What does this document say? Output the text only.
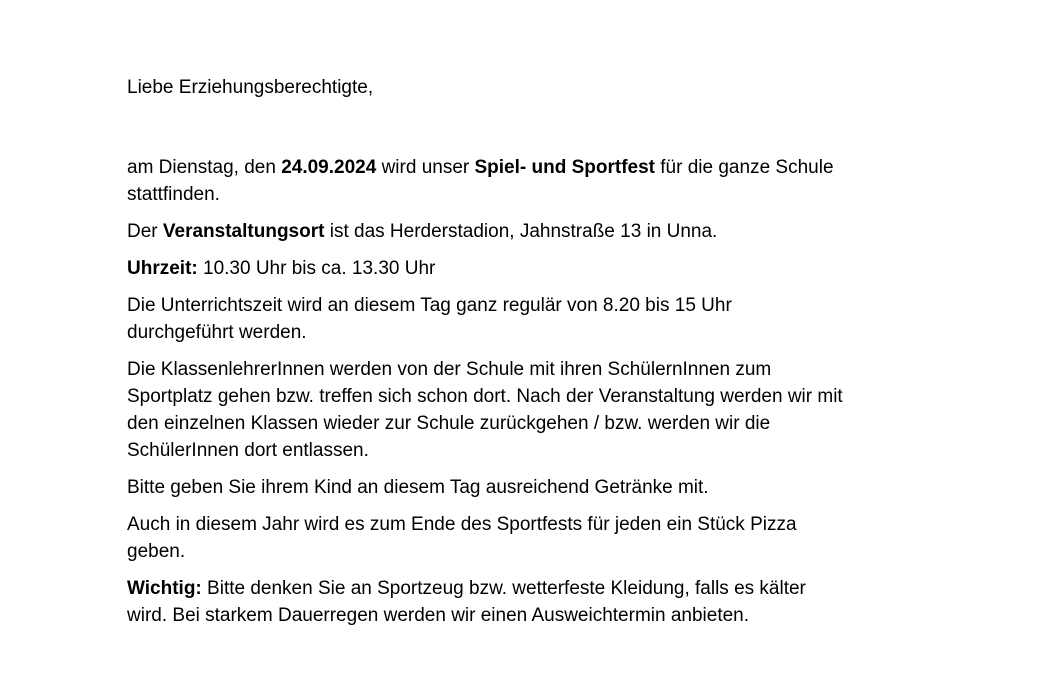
Liebe Erziehungsberechtigte,

am Dienstag, den 24.09.2024 wird unser Spiel- und Sportfest für die ganze Schule
stattfinden.

Der Veranstaltungsort ist das Herderstadion, Jahnstraße 13 in Unna.

Uhrzeit: 10.30 Uhr bis ca. 13.30 Uhr

Die Unterrichtszeit wird an diesem Tag ganz regulär von 8.20 bis 15 Uhr
durchgeführt werden.

Die KlassenlehrerInnen werden von der Schule mit ihren SchülernInnen zum
Sportplatz gehen bzw. treffen sich schon dort. Nach der Veranstaltung werden wir mit
den einzelnen Klassen wieder zur Schule zurückgehen / bzw. werden wir die
SchülerInnen dort entlassen.

Bitte geben Sie ihrem Kind an diesem Tag ausreichend Getränke mit.

Auch in diesem Jahr wird es zum Ende des Sportfests für jeden ein Stück Pizza
geben.

Wichtig: Bitte denken Sie an Sportzeug bzw. wetterfeste Kleidung, falls es kälter
wird. Bei starkem Dauerregen werden wir einen Ausweichtermin anbieten.
